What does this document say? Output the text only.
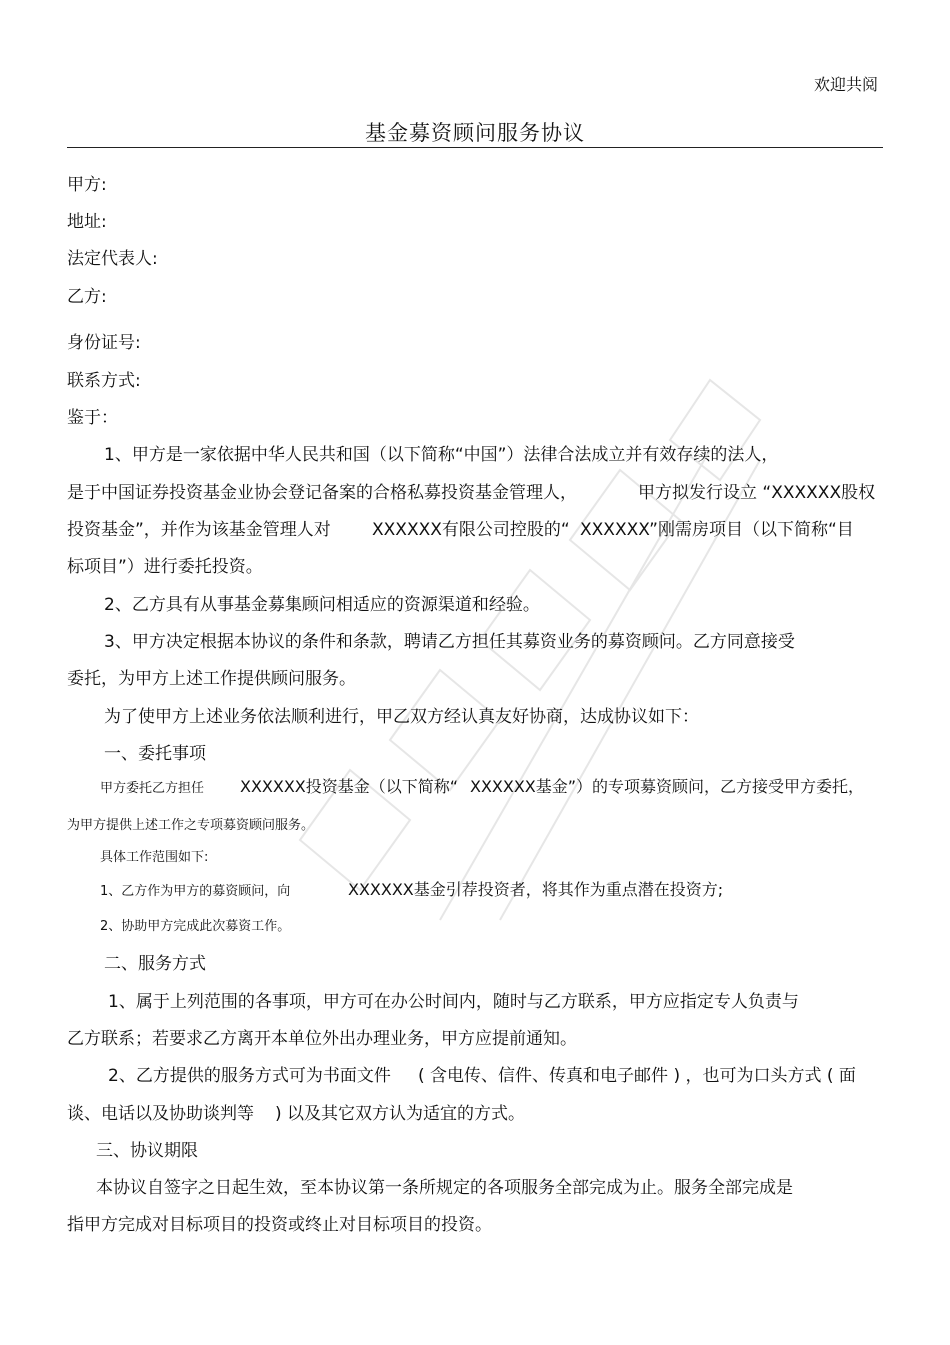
欢迎共阅
基金募资顾问服务协议
甲方:
地址:
法定代表人:
乙方:
身份证号:
联系方式:
鉴于：
1、甲方是一家依据中华人民共和国（以下简称“中国”）法律合法成立并有效存续的法人，
是于中国证券投资基金业协会登记备案的合格私募投资基金管理人，	甲方拟发行设立 “XXXXXX股权
投资基金”，并作为该基金管理人对 XXXXXX有限公司控股的“ XXXXXX”刚需房项目（以下简称“目
标项目”）进行委托投资。
2、乙方具有从事基金募集顾问相适应的资源渠道和经验。
3、甲方决定根据本协议的条件和条款，聘请乙方担任其募资业务的募资顾问。乙方同意接受
委托，为甲方上述工作提供顾问服务。
为了使甲方上述业务依法顺利进行，甲乙双方经认真友好协商，达成协议如下：
一、委托事项
甲方委托乙方担任 XXXXXX投资基金（以下简称“ XXXXXX基金”）的专项募资顾问，乙方接受甲方委托，
为甲方提供上述工作之专项募资顾问服务。
具体工作范围如下:
1、乙方作为甲方的募资顾问，向	XXXXXX基金引荐投资者，将其作为重点潜在投资方;
2、协助甲方完成此次募资工作。
二、服务方式
1、属于上列范围的各事项，甲方可在办公时间内，随时与乙方联系，甲方应指定专人负责与
乙方联系；若要求乙方离开本单位外出办理业务，甲方应提前通知。
2、乙方提供的服务方式可为书面文件 ( 含电传、信件、传真和电子邮件 ) ，也可为口头方式 ( 面
谈、电话以及协助谈判等 ) 以及其它双方认为适宜的方式。
三、协议期限
本协议自签字之日起生效，至本协议第一条所规定的各项服务全部完成为止。服务全部完成是
指甲方完成对目标项目的投资或终止对目标项目的投资。
